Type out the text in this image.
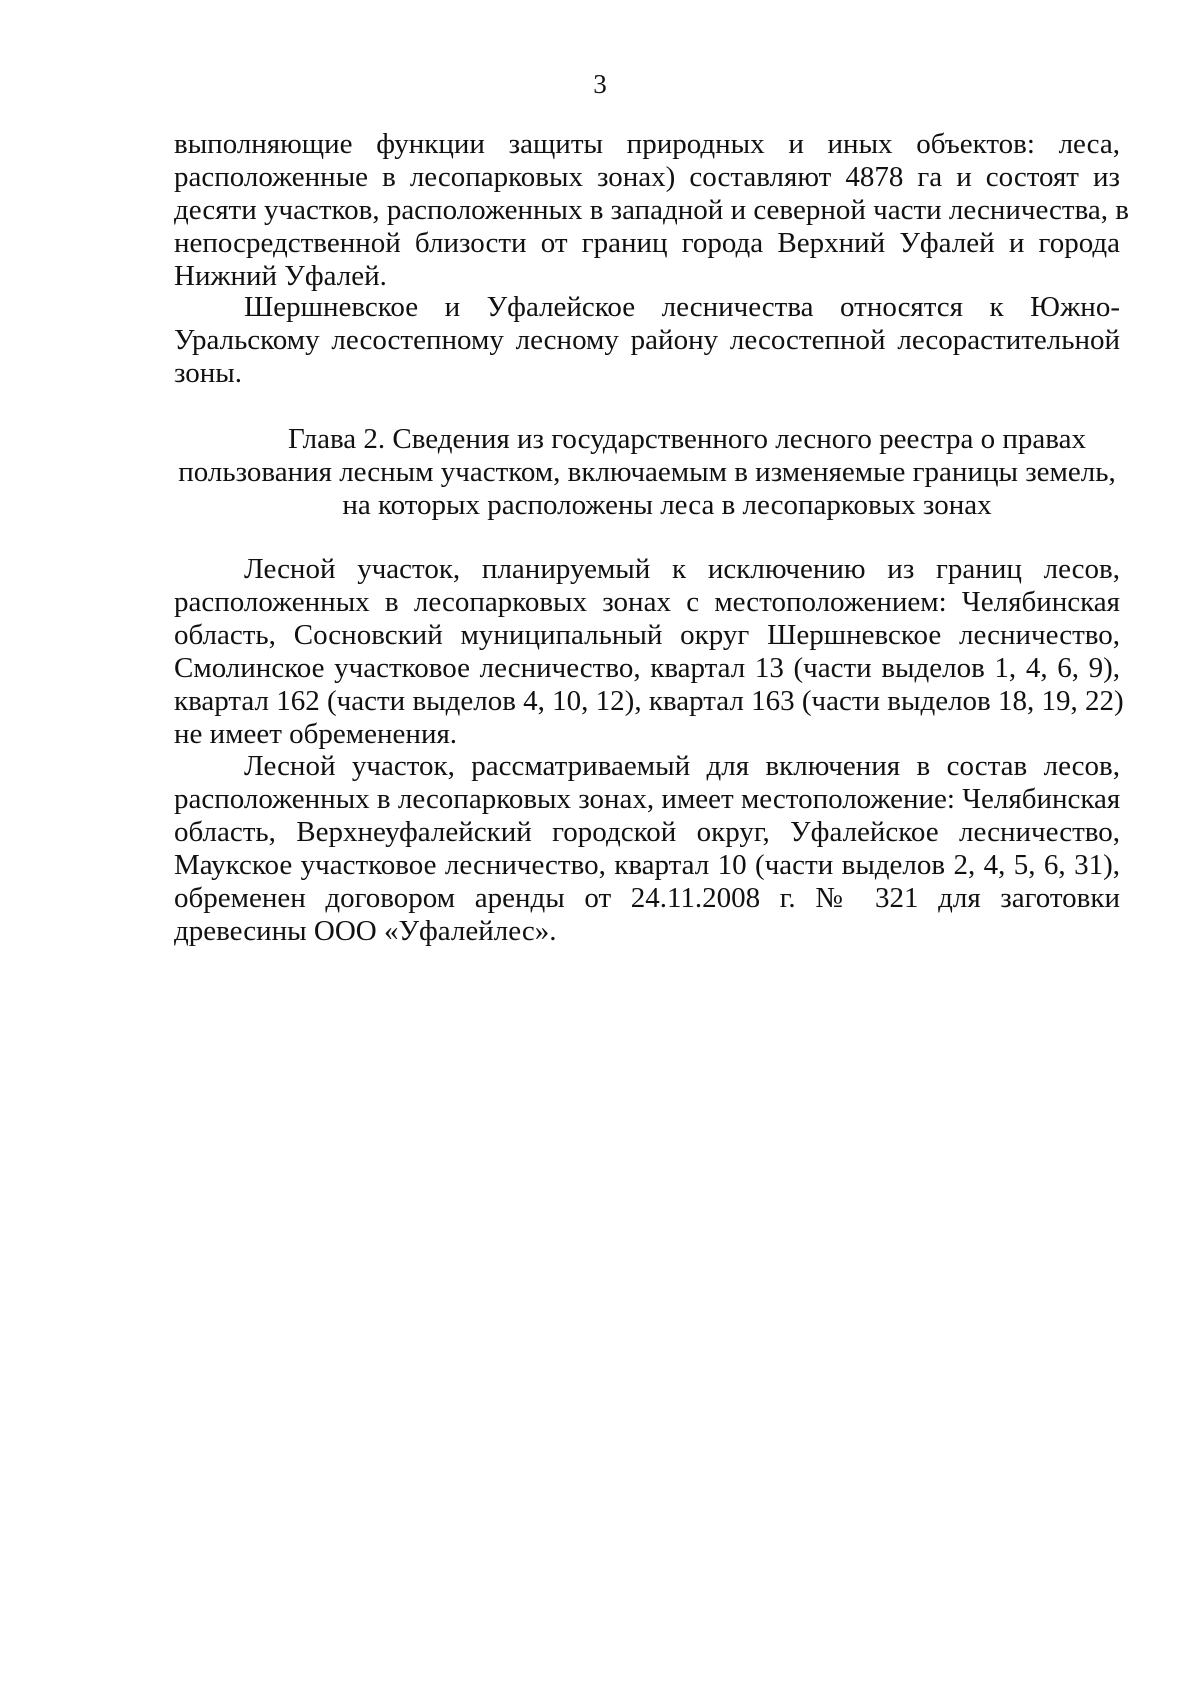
3
выполняющие функции защиты природных и иных объектов: леса,
расположенные в лесопарковых зонах) составляют 4878 га и состоят из
десяти участков, расположенных в западной и северной части лесничества, в
непосредственной близости от границ города Верхний Уфалей и города
Нижний Уфалей.
Шершневское и Уфалейское лесничества относятся к Южно-
Уральскому лесостепному лесному району лесостепной лесорастительной
зоны.
Глава 2. Сведения из государственного лесного реестра о правах
пользования лесным участком, включаемым в изменяемые границы земель,
на которых расположены леса в лесопарковых зонах
Лесной участок, планируемый к исключению из границ лесов,
расположенных в лесопарковых зонах с местоположением: Челябинская
область, Сосновский муниципальный округ Шершневское лесничество,
Смолинское участковое лесничество, квартал 13 (части выделов 1, 4, 6, 9),
квартал 162 (части выделов 4, 10, 12), квартал 163 (части выделов 18, 19, 22)
не имеет обременения.
Лесной участок, рассматриваемый для включения в состав лесов,
расположенных в лесопарковых зонах, имеет местоположение: Челябинская
область, Верхнеуфалейский городской округ, Уфалейское лесничество,
Маукское участковое лесничество, квартал 10 (части выделов 2, 4, 5, 6, 31),
обременен договором аренды от 24.11.2008 г. № 321 для заготовки
древесины ООО «Уфалейлес».
